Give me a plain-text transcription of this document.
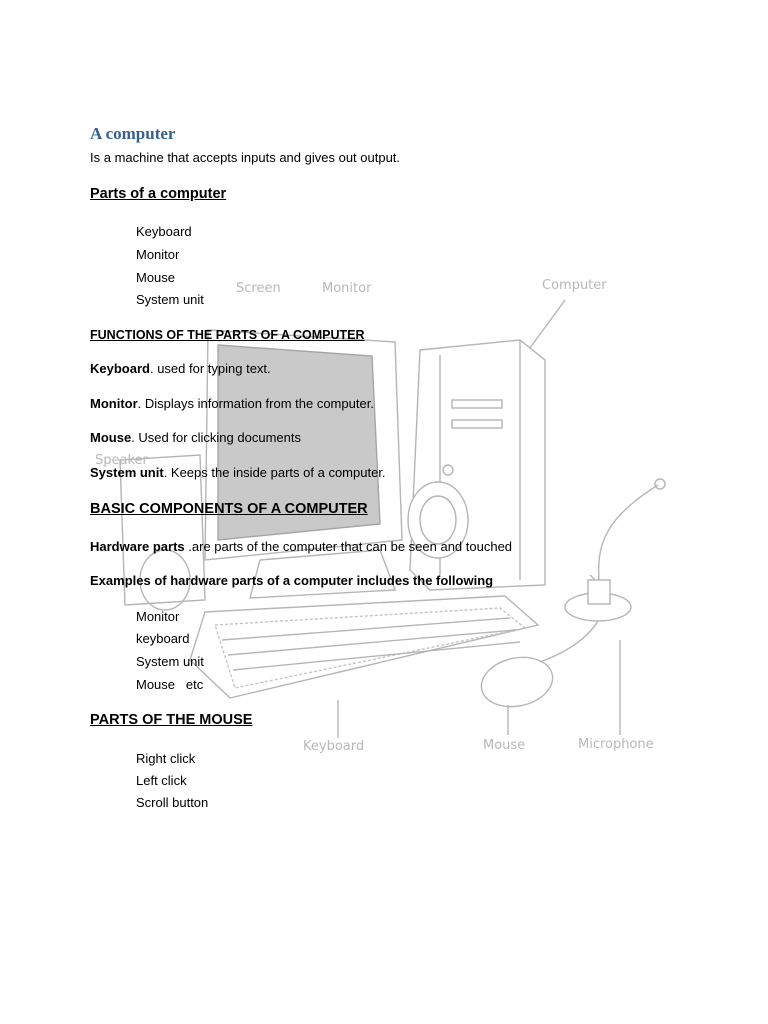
Screen	Monitor	Computer
Speaker
Keyboard	Mouse	Microphone
A computer
Is a machine that accepts inputs and gives out output.
Parts of a computer
Keyboard
Monitor
Mouse
System unit
FUNCTIONS OF THE PARTS OF A COMPUTER
Keyboard. used for typing text.
Monitor. Displays information from the computer.
Mouse. Used for clicking documents
System unit. Keeps the inside parts of a computer.
BASIC COMPONENTS OF A COMPUTER
Hardware parts .are parts of the computer that can be seen and touched
Examples of hardware parts of a computer includes the following
Monitor
keyboard
System unit
Mouse   etc
PARTS OF THE MOUSE
Right click
Left click
Scroll button
